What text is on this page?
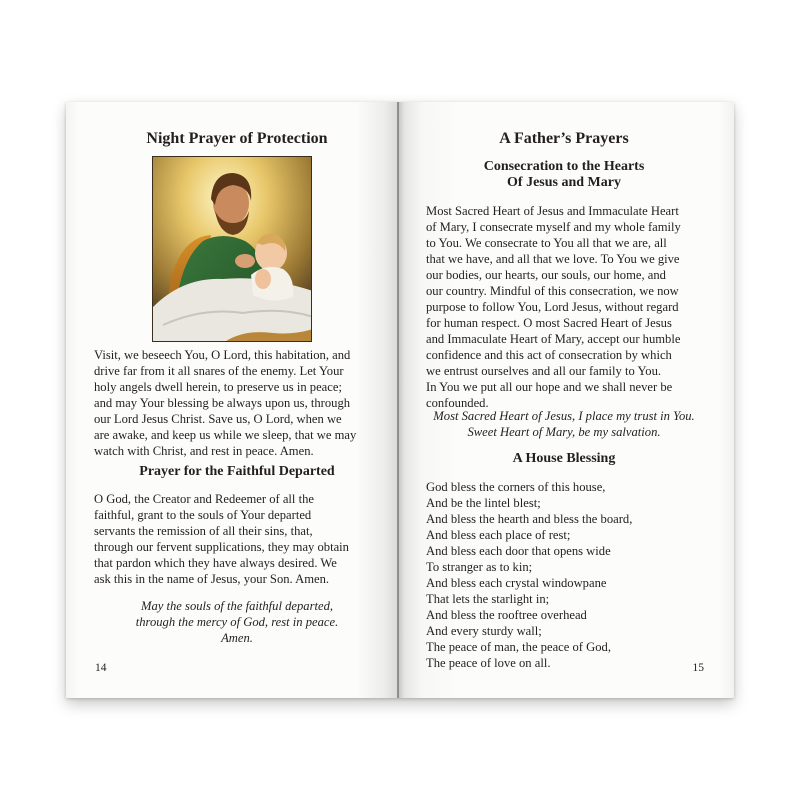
Night Prayer of Protection

Visit, we beseech You, O Lord, this habitation, and
drive far from it all snares of the enemy. Let Your
holy angels dwell herein, to preserve us in peace;
and may Your blessing be always upon us, through
our Lord Jesus Christ. Save us, O Lord, when we
are awake, and keep us while we sleep, that we may
watch with Christ, and rest in peace. Amen.

Prayer for the Faithful Departed

O God, the Creator and Redeemer of all the
faithful, grant to the souls of Your departed
servants the remission of all their sins, that,
through our fervent supplications, they may obtain
that pardon which they have always desired. We
ask this in the name of Jesus, your Son. Amen.

May the souls of the faithful departed,
through the mercy of God, rest in peace.
Amen.

14
A Father’s Prayers
Consecration to the Hearts
Of Jesus and Mary

Most Sacred Heart of Jesus and Immaculate Heart
of Mary, I consecrate myself and my whole family
to You. We consecrate to You all that we are, all
that we have, and all that we love. To You we give
our bodies, our hearts, our souls, our home, and
our country. Mindful of this consecration, we now
purpose to follow You, Lord Jesus, without regard
for human respect. O most Sacred Heart of Jesus
and Immaculate Heart of Mary, accept our humble
confidence and this act of consecration by which
we entrust ourselves and all our family to You.
In You we put all our hope and we shall never be
confounded.

Most Sacred Heart of Jesus, I place my trust in You.
Sweet Heart of Mary, be my salvation.

A House Blessing

God bless the corners of this house,
And be the lintel blest;
And bless the hearth and bless the board,
And bless each place of rest;
And bless each door that opens wide
To stranger as to kin;
And bless each crystal windowpane
That lets the starlight in;
And bless the rooftree overhead
And every sturdy wall;
The peace of man, the peace of God,
The peace of love on all.	15
